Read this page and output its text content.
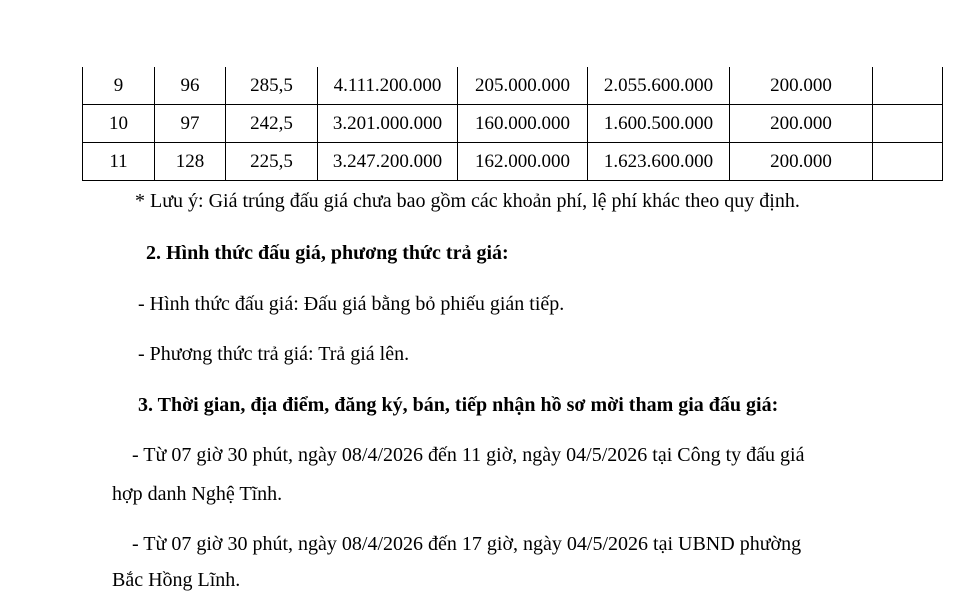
9	96	285,5	4.111.200.000	205.000.000	2.055.600.000	200.000	
10	97	242,5	3.201.000.000	160.000.000	1.600.500.000	200.000	
11	128	225,5	3.247.200.000	162.000.000	1.623.600.000	200.000	
* Lưu ý: Giá trúng đấu giá chưa bao gồm các khoản phí, lệ phí khác theo quy định.
2. Hình thức đấu giá, phương thức trả giá:
- Hình thức đấu giá: Đấu giá bằng bỏ phiếu gián tiếp.
- Phương thức trả giá: Trả giá lên.
3. Thời gian, địa điểm, đăng ký, bán, tiếp nhận hồ sơ mời tham gia đấu giá:
- Từ 07 giờ 30 phút, ngày 08/4/2026 đến 11 giờ, ngày 04/5/2026 tại Công ty đấu giá
hợp danh Nghệ Tĩnh.
- Từ 07 giờ 30 phút, ngày 08/4/2026 đến 17 giờ, ngày 04/5/2026 tại UBND phường
Bắc Hồng Lĩnh.
